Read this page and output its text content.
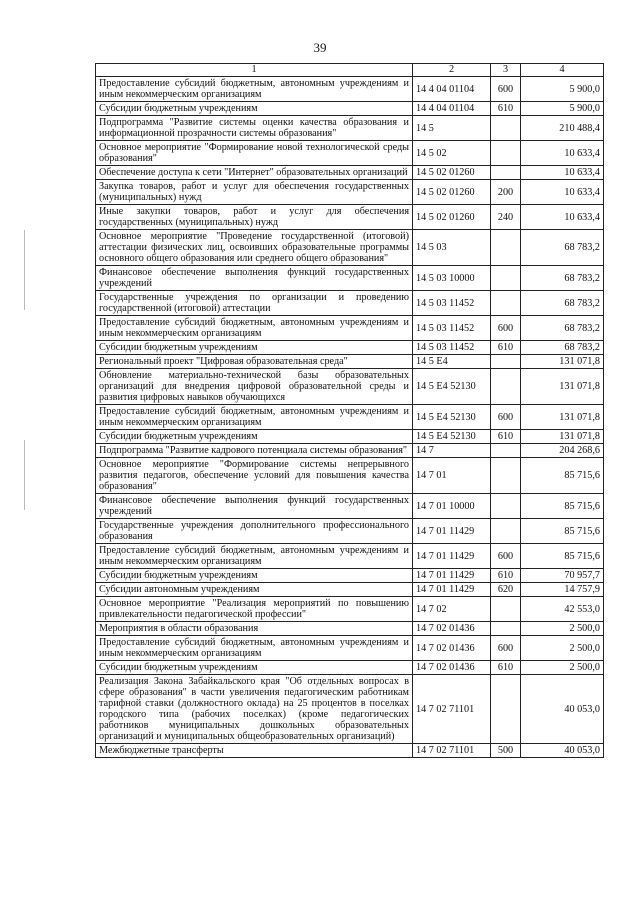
39
1	2	3	4
Предоставление субсидий бюджетным, автономным учреждениям и иным некоммерческим организациям	14 4 04 01104	600	5 900,0
Субсидии бюджетным учреждениям	14 4 04 01104	610	5 900,0
Подпрограмма "Развитие системы оценки качества образования и информационной прозрачности системы образования"	14 5		210 488,4
Основное мероприятие "Формирование новой технологической среды образования"	14 5 02		10 633,4
Обеспечение доступа к сети "Интернет" образовательных организаций	14 5 02 01260		10 633,4
Закупка товаров, работ и услуг для обеспечения государственных (муниципальных) нужд	14 5 02 01260	200	10 633,4
Иные закупки товаров, работ и услуг для обеспечения государственных (муниципальных) нужд	14 5 02 01260	240	10 633,4
Основное мероприятие "Проведение государственной (итоговой) аттестации физических лиц, освоивших образовательные программы основного общего образования или среднего общего образования"	14 5 03		68 783,2
Финансовое обеспечение выполнения функций государственных учреждений	14 5 03 10000		68 783,2
Государственные учреждения по организации и проведению государственной (итоговой) аттестации	14 5 03 11452		68 783,2
Предоставление субсидий бюджетным, автономным учреждениям и иным некоммерческим организациям	14 5 03 11452	600	68 783,2
Субсидии бюджетным учреждениям	14 5 03 11452	610	68 783,2
Региональный проект "Цифровая образовательная среда"	14 5 Е4		131 071,8
Обновление материально-технической базы образовательных организаций для внедрения цифровой образовательной среды и развития цифровых навыков обучающихся	14 5 Е4 52130		131 071,8
Предоставление субсидий бюджетным, автономным учреждениям и иным некоммерческим организациям	14 5 Е4 52130	600	131 071,8
Субсидии бюджетным учреждениям	14 5 Е4 52130	610	131 071,8
Подпрограмма "Развитие кадрового потенциала системы образования"	14 7		204 268,6
Основное мероприятие "Формирование системы непрерывного развития педагогов, обеспечение условий для повышения качества образования"	14 7 01		85 715,6
Финансовое обеспечение выполнения функций государственных учреждений	14 7 01 10000		85 715,6
Государственные учреждения дополнительного профессионального образования	14 7 01 11429		85 715,6
Предоставление субсидий бюджетным, автономным учреждениям и иным некоммерческим организациям	14 7 01 11429	600	85 715,6
Субсидии бюджетным учреждениям	14 7 01 11429	610	70 957,7
Субсидии автономным учреждениям	14 7 01 11429	620	14 757,9
Основное мероприятие "Реализация мероприятий по повышению привлекательности педагогической профессии"	14 7 02		42 553,0
Мероприятия в области образования	14 7 02 01436		2 500,0
Предоставление субсидий бюджетным, автономным учреждениям и иным некоммерческим организациям	14 7 02 01436	600	2 500,0
Субсидии бюджетным учреждениям	14 7 02 01436	610	2 500,0
Реализация Закона Забайкальского края "Об отдельных вопросах в сфере образования" в части увеличения педагогическим работникам тарифной ставки (должностного оклада) на 25 процентов в поселках городского типа (рабочих поселках) (кроме педагогических работников муниципальных дошкольных образовательных организаций и муниципальных общеобразовательных организаций)	14 7 02 71101		40 053,0
Межбюджетные трансферты	14 7 02 71101	500	40 053,0
